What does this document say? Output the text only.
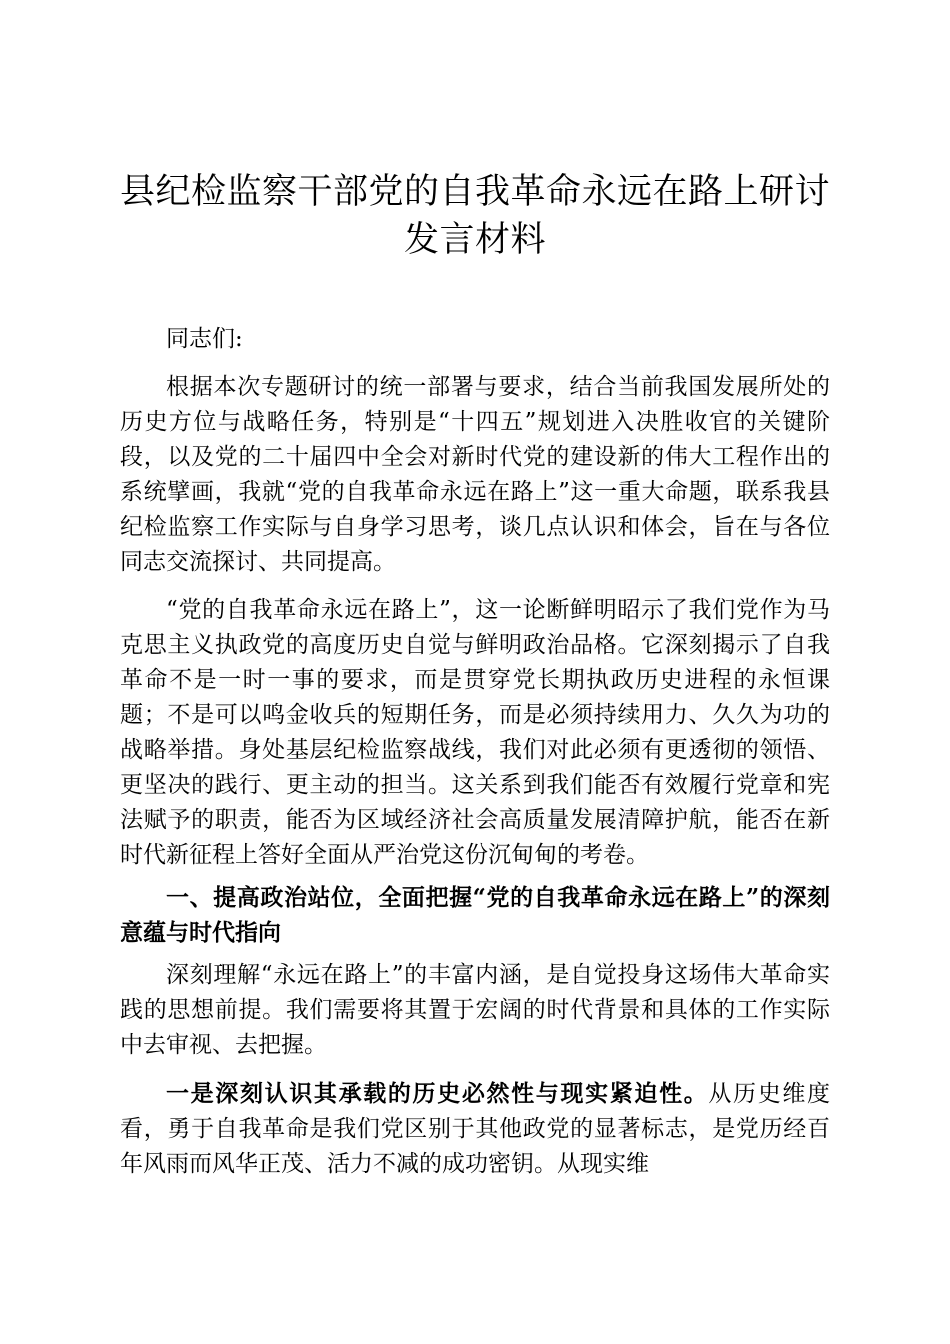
县纪检监察干部党的自我革命永远在路上研讨发言材料

同志们:

根据本次专题研讨的统一部署与要求，结合当前我国发展所处的历史方位与战略任务，特别是“十四五”规划进入决胜收官的关键阶段，以及党的二十届四中全会对新时代党的建设新的伟大工程作出的系统擘画，我就“党的自我革命永远在路上”这一重大命题，联系我县纪检监察工作实际与自身学习思考，谈几点认识和体会，旨在与各位同志交流探讨、共同提高。

“党的自我革命永远在路上”，这一论断鲜明昭示了我们党作为马克思主义执政党的高度历史自觉与鲜明政治品格。它深刻揭示了自我革命不是一时一事的要求，而是贯穿党长期执政历史进程的永恒课题；不是可以鸣金收兵的短期任务，而是必须持续用力、久久为功的战略举措。身处基层纪检监察战线，我们对此必须有更透彻的领悟、更坚决的践行、更主动的担当。这关系到我们能否有效履行党章和宪法赋予的职责，能否为区域经济社会高质量发展清障护航，能否在新时代新征程上答好全面从严治党这份沉甸甸的考卷。

一、提高政治站位，全面把握“党的自我革命永远在路上”的深刻意蕴与时代指向

深刻理解“永远在路上”的丰富内涵，是自觉投身这场伟大革命实践的思想前提。我们需要将其置于宏阔的时代背景和具体的工作实际中去审视、去把握。

一是深刻认识其承载的历史必然性与现实紧迫性。从历史维度看，勇于自我革命是我们党区别于其他政党的显著标志，是党历经百年风雨而风华正茂、活力不减的成功密钥。从现实维
